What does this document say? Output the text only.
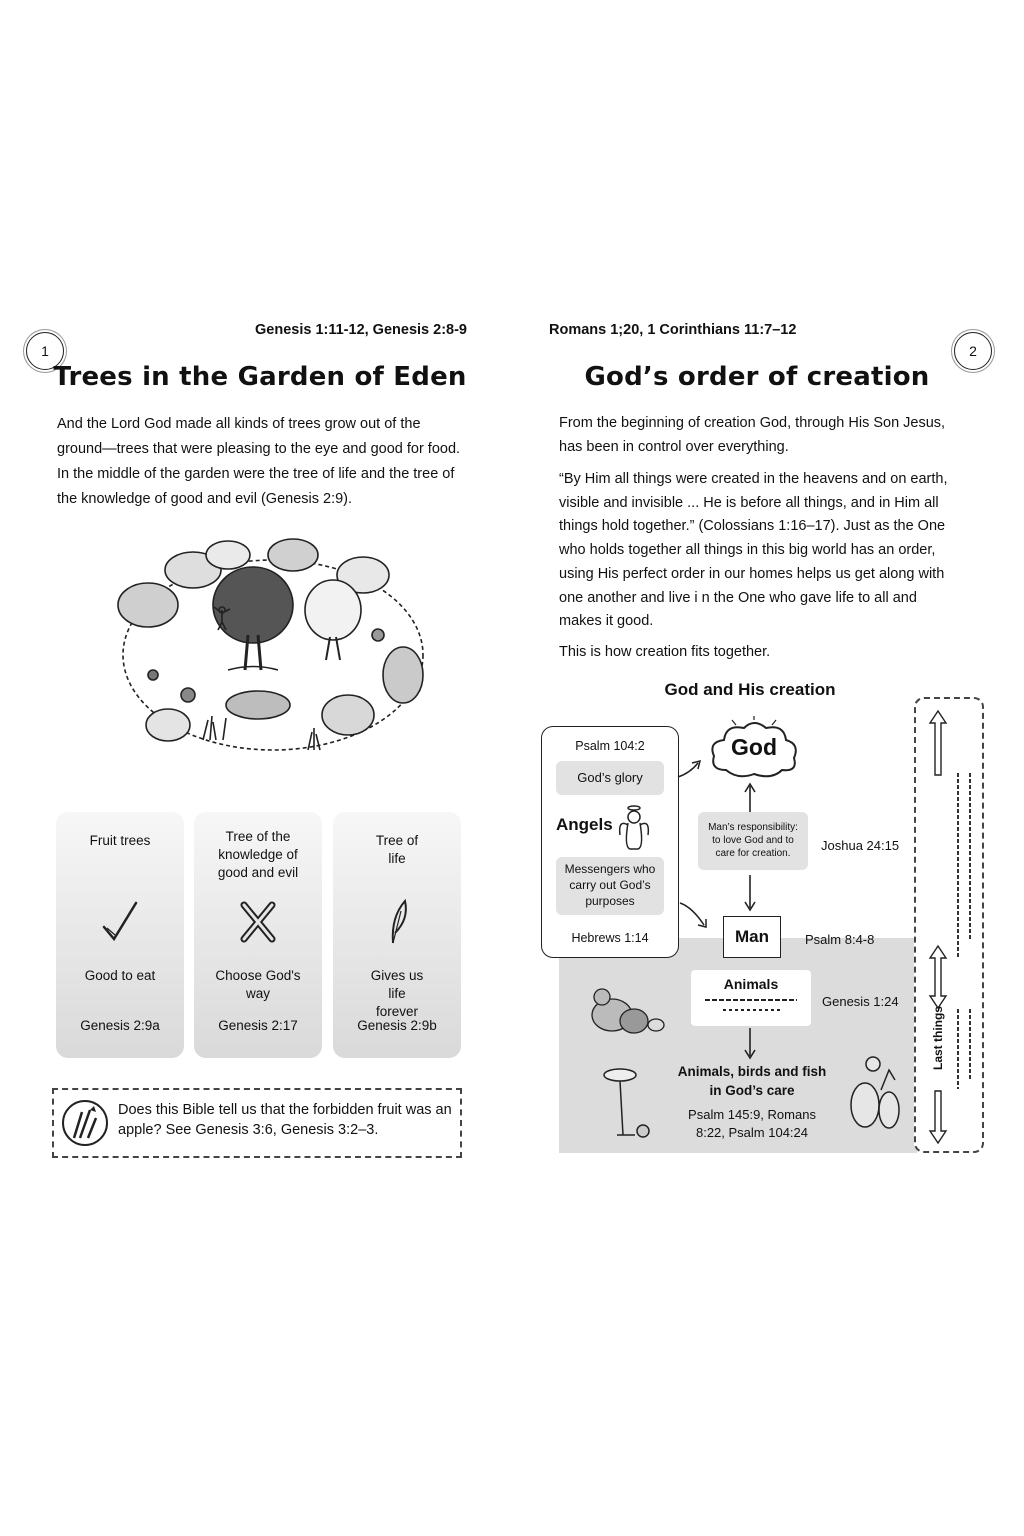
1
Genesis 1:11-12, Genesis 2:8-9
Trees in the Garden of Eden

And the Lord God made all kinds of trees grow out of the

ground—trees that were pleasing to the eye and good for food.

In the middle of the garden were the tree of life and the tree of

the knowledge of good and evil (Genesis 2:9).

Fruit trees
Good to eat
Genesis 2:9a
Tree of the knowledge of good and evil
Choose God's way
Genesis 2:17
Tree of life
Gives us life forever
Genesis 2:9b
Does this Bible tell us that the forbidden fruit was an apple? See Genesis 3:6, Genesis 3:2–3.
Romans 1;20, 1 Corinthians 11:7–12
2
God’s order of creation

From the beginning of creation God, through His Son Jesus,

has been in control over everything.

“By Him all things were created in the heavens and on earth,

visible and invisible ... He is before all things, and in Him all

things hold together.” (Colossians 1:16–17). Just as the One

who holds together all things in this big world has an order,

using His perfect order in our homes helps us get along with

one another and live i n the One who gave life to all and

makes it good.

This is how creation fits together.

God and His creation
God
Man’s responsibility: to love God and to care for creation.
Joshua 24:15
Psalm 104:2
God’s glory
Angels
Messengers who carry out God’s purposes
Hebrews 1:14	Man	Psalm 8:4-8
Animals
Genesis 1:24
Animals, birds and fish in God’s care
Psalm 145:9, Romans 8:22, Psalm 104:24
Last things
